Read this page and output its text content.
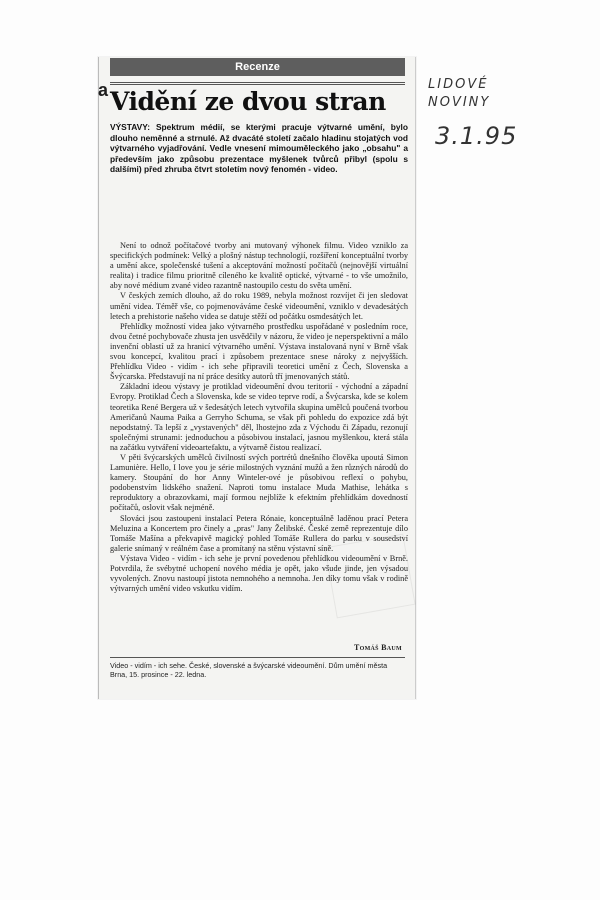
a
Recenze
Vidění ze dvou stran
VÝSTAVY: Spektrum médií, se kterými pracuje výtvarné umění, bylo dlouho neměnné a strnulé. Až dvacáté století začalo hladinu stojatých vod výtvarného vyjadřování. Vedle vnesení mimouměleckého jako „obsahu" a především jako způsobu prezentace myšlenek tvůrců přibyl (spolu s dalšími) před zhruba čtvrt stoletím nový fenomén - video.

Není to odnož počítačové tvorby ani mutovaný výhonek filmu. Video vzniklo za specifických podmínek: Velký a plošný nástup technologií, rozšíření konceptuální tvorby a umění akce, společenské tušení a akceptování možností počítačů (nejnovější virtuální realita) i tradice filmu prioritně cíleného ke kvalitě optické, výtvarné - to vše umožnilo, aby nové médium zvané video razantně nastoupilo cestu do světa umění.

V českých zemích dlouho, až do roku 1989, nebyla možnost rozvíjet či jen sledovat umění videa. Téměř vše, co pojmenováváme české videoumění, vzniklo v devadesátých letech a prehistorie našeho videa se datuje stěží od počátku osmdesátých let.

Přehlídky možností videa jako výtvarného prostředku uspořádané v posledním roce, dvou četné pochybovače zhusta jen usvědčily v názoru, že video je neperspektivní a málo invenční oblastí už za hranicí výtvarného umění. Výstava instalovaná nyní v Brně však svou koncepcí, kvalitou prací i způsobem prezentace snese nároky z nejvyšších. Přehlídku Video - vidím - ich sehe připravili teoretici umění z Čech, Slovenska a Švýcarska. Představují na ní práce desítky autorů tří jmenovaných států.

Základní ideou výstavy je protiklad videoumění dvou teritorií - východní a západní Evropy. Protiklad Čech a Slovenska, kde se video teprve rodí, a Švýcarska, kde se kolem teoretika René Bergera už v šedesátých letech vytvořila skupina umělců poučená tvorbou Američanů Nauma Paika a Gerryho Schuma, se však při pohledu do expozice zdá být nepodstatný. Ta lepší z „vystavených" děl, lhostejno zda z Východu či Západu, rezonují společnými strunami: jednoduchou a působivou instalací, jasnou myšlenkou, která stála na začátku vytváření videoartefaktu, a výtvarně čistou realizací.

V pěti švýcarských umělců čivilností svých portrétů dnešního člověka upoutá Simon Lamunière. Hello, I love you je série milostných vyznání mužů a žen různých národů do kamery. Stoupání do hor Anny Winteler-ové je působivou reflexí o pohybu, podobenstvím lidského snažení. Naproti tomu instalace Muda Mathise, lehátka s reproduktory a obrazovkami, mají formou nejblíže k efektním přehlídkám dovedností počítačů, oslovit však nejméně.

Slováci jsou zastoupeni instalací Petera Rónaie, konceptuálně laděnou prací Petera Meluzina a Koncertem pro činely a „pras" Jany Želibské. České země reprezentuje dílo Tomáše Mašína a překvapivě magický pohled Tomáše Rullera do parku v sousedství galerie snímaný v reálném čase a promítaný na stěnu výstavní síně.

Výstava Video - vidím - ich sehe je první povedenou přehlídkou videoumění v Brně. Potvrdila, že svébytné uchopení nového média je opět, jako všude jinde, jen výsadou vyvolených. Znovu nastoupí jistota nemnohého a nemnoha. Jen díky tomu však v rodině výtvarných umění video vskutku vidím.

Tomáš Baum
Video - vidím - ich sehe. České, slovenské a švýcarské videoumění. Dům umění města Brna, 15. prosince - 22. ledna.
LIDOVÉ
NOVINY
3.1.95
